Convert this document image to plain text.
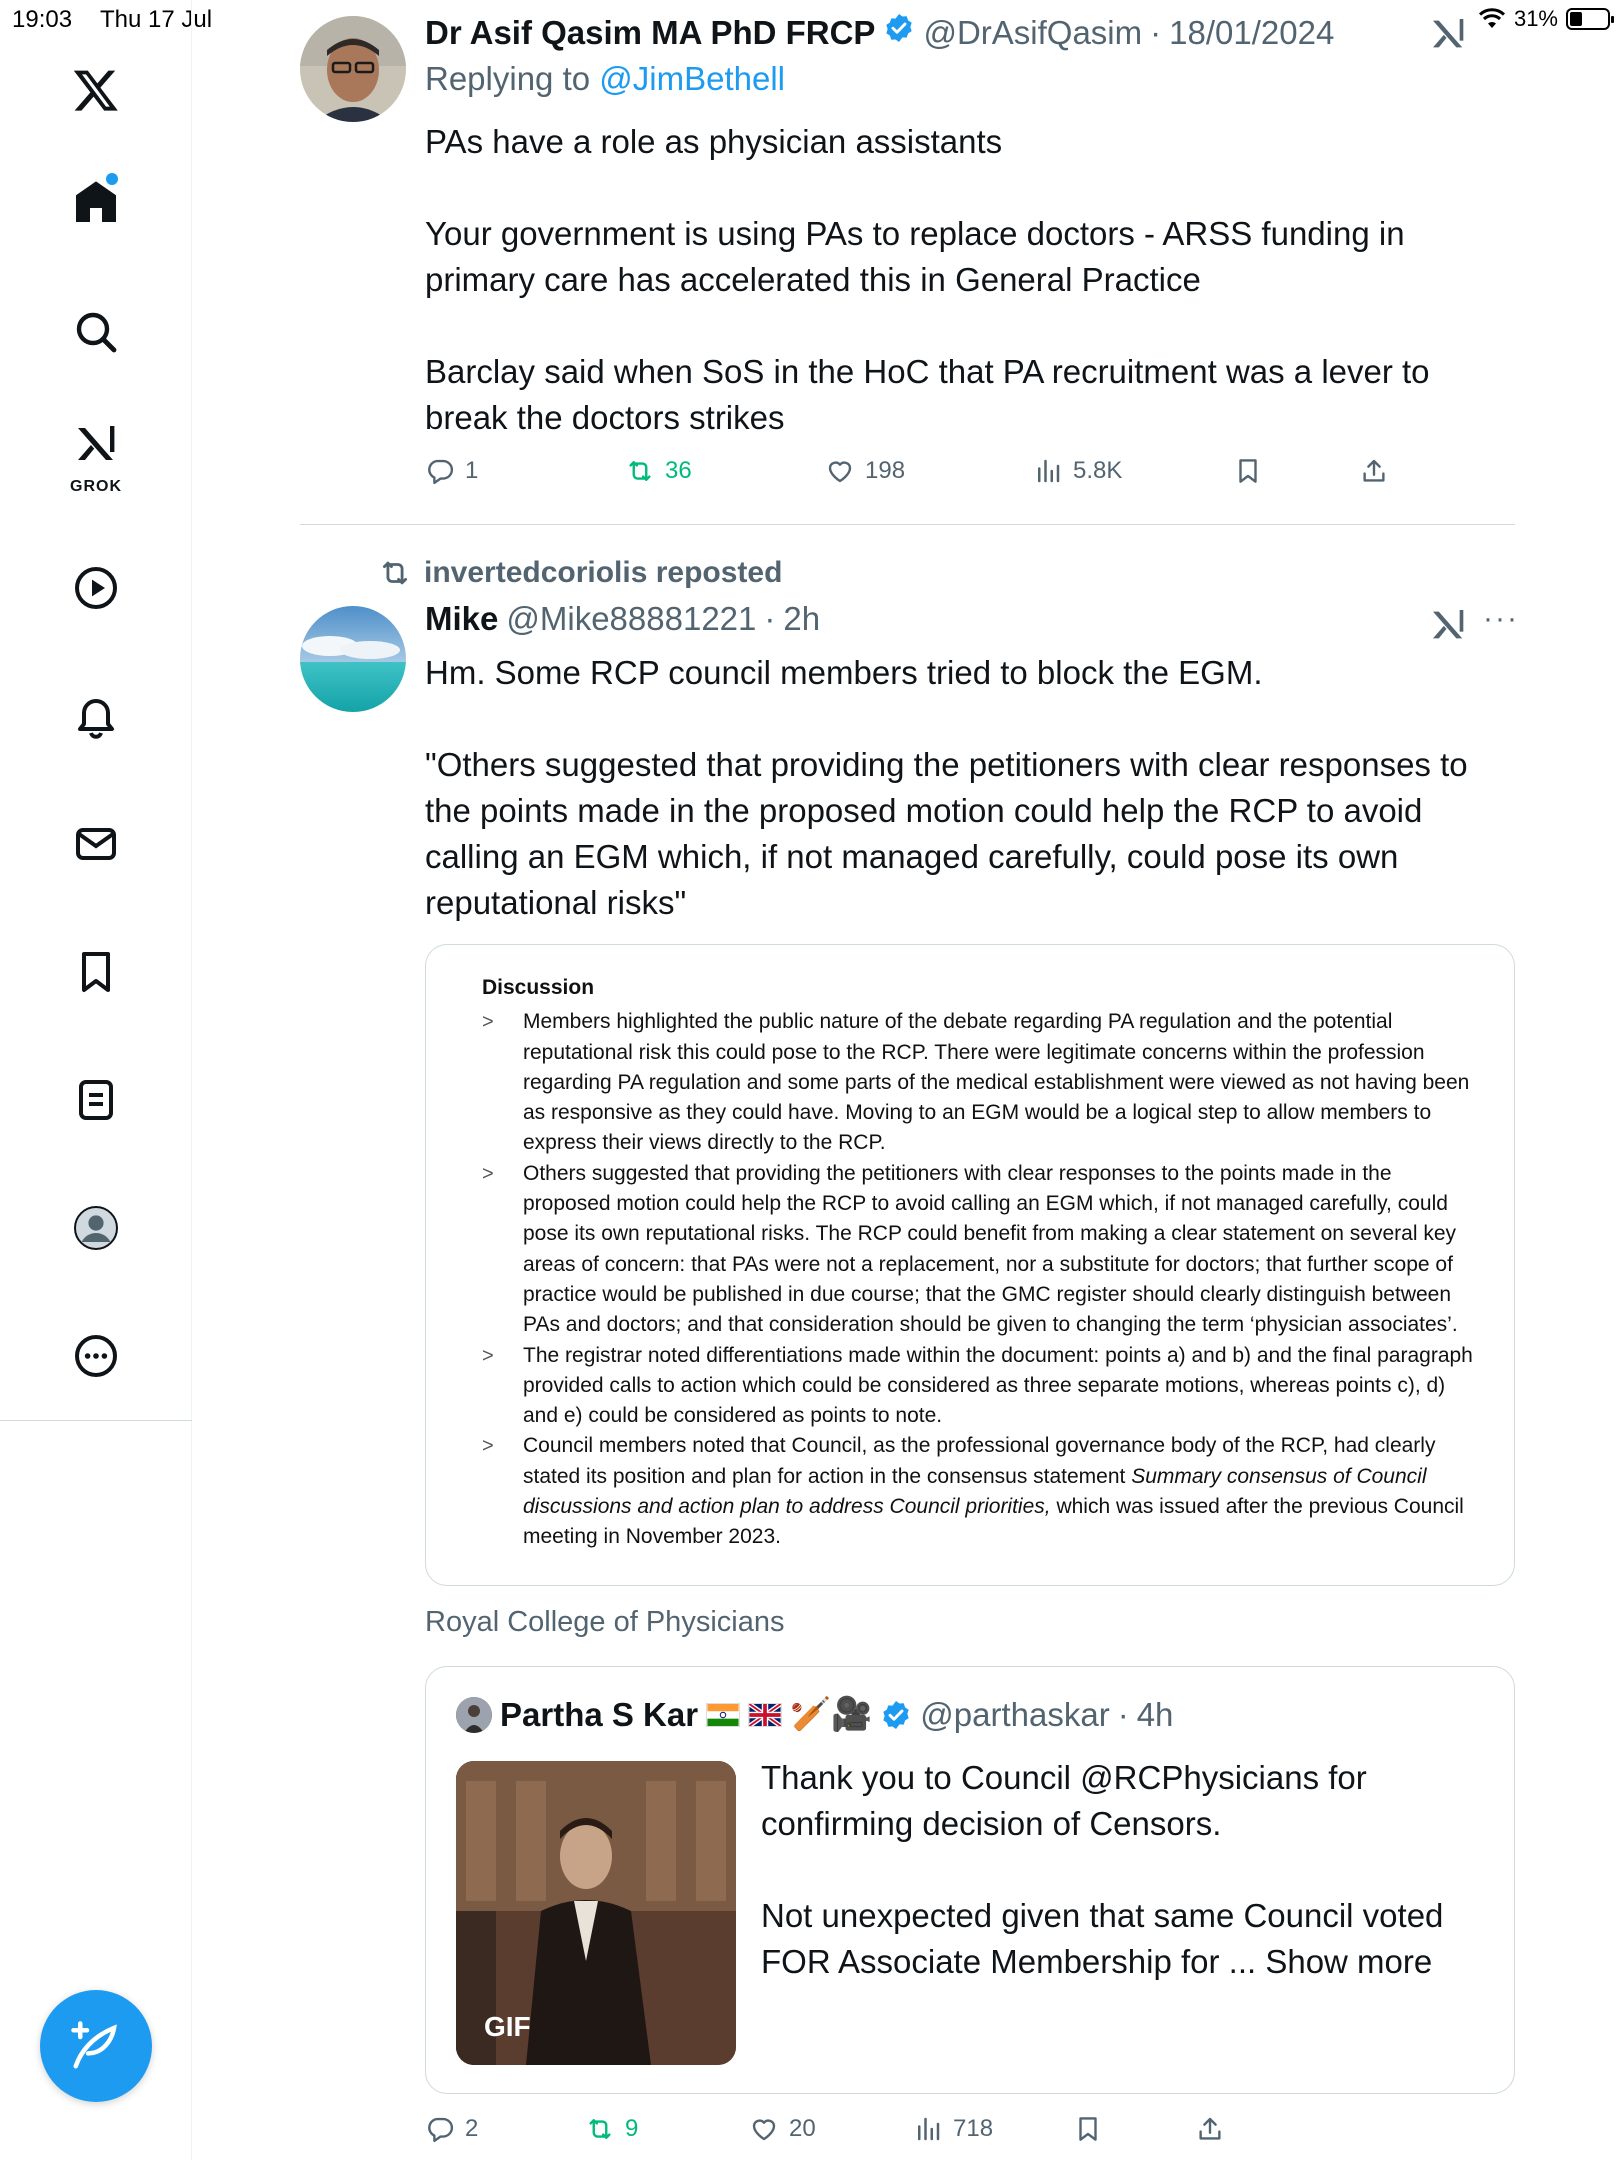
19:03 Thu 17 Jul	31%
GROK
Dr Asif Qasim MA PhD FRCP @DrAsifQasim · 18/01/2024
Replying to @JimBethell
PAs have a role as physician assistants

Your government is using PAs to replace doctors - ARSS funding in primary care has accelerated this in General Practice

Barclay said when SoS in the HoC that PA recruitment was a lever to break the doctors strikes
1	36	198	5.8K
invertedcoriolis reposted
Mike @Mike88881221 · 2h	···
Hm. Some RCP council members tried to block the EGM.

"Others suggested that providing the petitioners with clear responses to the points made in the proposed motion could help the RCP to avoid calling an EGM which, if not managed carefully, could pose its own reputational risks"
Discussion
> Members highlighted the public nature of the debate regarding PA regulation and the potential reputational risk this could pose to the RCP. There were legitimate concerns within the profession regarding PA regulation and some parts of the medical establishment were viewed as not having been as responsive as they could have. Moving to an EGM would be a logical step to allow members to express their views directly to the RCP.
> Others suggested that providing the petitioners with clear responses to the points made in the proposed motion could help the RCP to avoid calling an EGM which, if not managed carefully, could pose its own reputational risks. The RCP could benefit from making a clear statement on several key areas of concern: that PAs were not a replacement, nor a substitute for doctors; that further scope of practice would be published in due course; that the GMC register should clearly distinguish between PAs and doctors; and that consideration should be given to changing the term ‘physician associates’.
> The registrar noted differentiations made within the document: points a) and b) and the final paragraph provided calls to action which could be considered as three separate motions, whereas points c), d) and e) could be considered as points to note.
> Council members noted that Council, as the professional governance body of the RCP, had clearly stated its position and plan for action in the consensus statement Summary consensus of Council discussions and action plan to address Council priorities, which was issued after the previous Council meeting in November 2023.
Royal College of Physicians
Partha S Kar	🏏🎥 @parthaskar · 4h
GIF
Thank you to Council @RCPhysicians for confirming decision of Censors.

Not unexpected given that same Council voted FOR Associate Membership for ... Show more
2	9	20	718
